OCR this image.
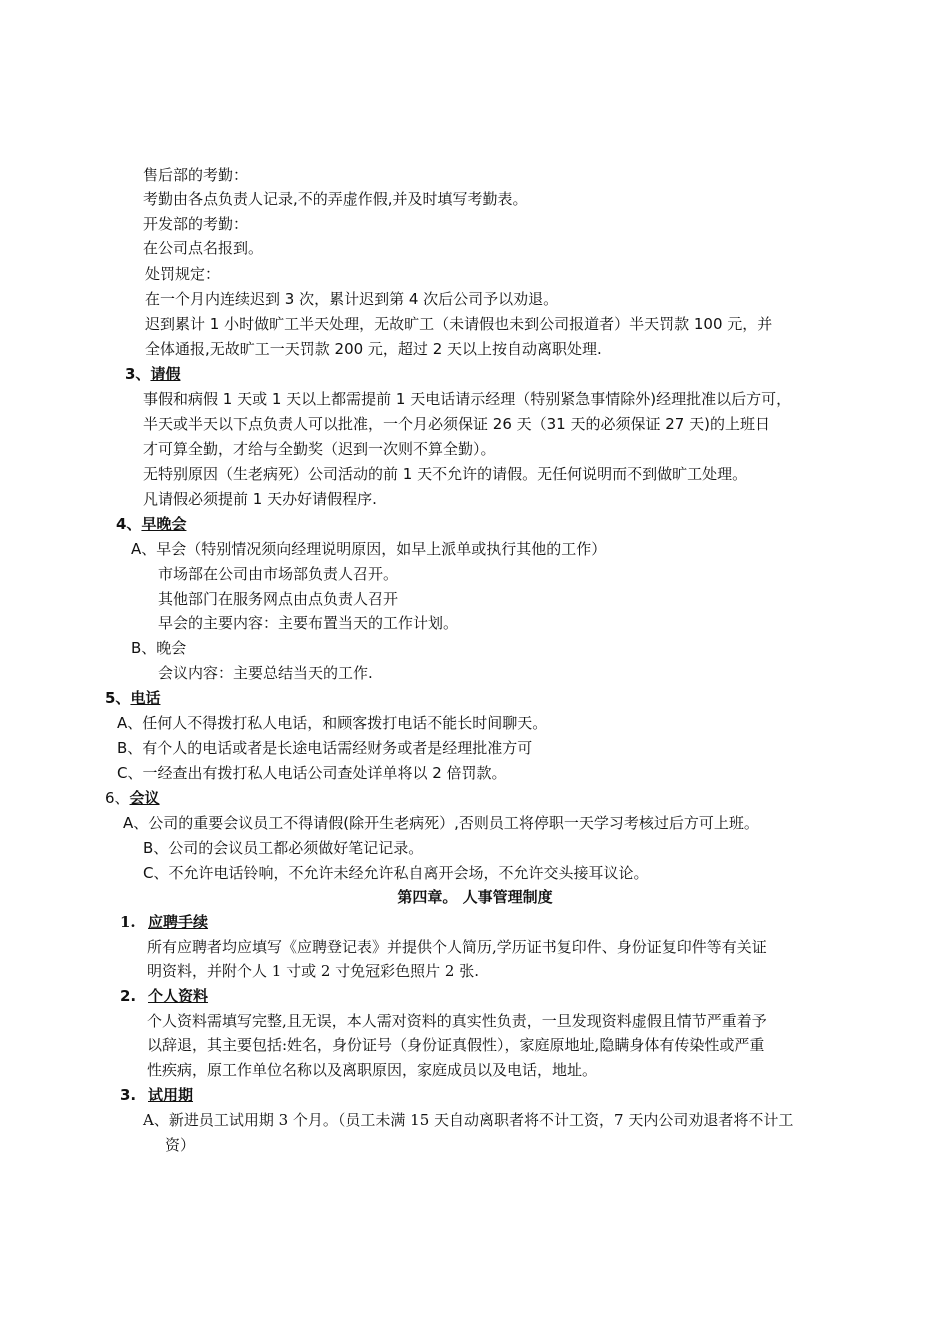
售后部的考勤：
考勤由各点负责人记录,不的弄虚作假,并及时填写考勤表。
开发部的考勤：
在公司点名报到。
处罚规定：
在一个月内连续迟到 3 次，累计迟到第 4 次后公司予以劝退。
迟到累计 1 小时做旷工半天处理，无故旷工（未请假也未到公司报道者）半天罚款 100 元，并
全体通报,无故旷工一天罚款 200 元，超过 2 天以上按自动离职处理.
3、请假
事假和病假 1 天或 1 天以上都需提前 1 天电话请示经理（特别紧急事情除外)经理批准以后方可，
半天或半天以下点负责人可以批准，一个月必须保证 26 天（31 天的必须保证 27 天)的上班日
才可算全勤，才给与全勤奖（迟到一次则不算全勤）。
无特别原因（生老病死）公司活动的前 1 天不允许的请假。无任何说明而不到做旷工处理。
凡请假必须提前 1 天办好请假程序.
4、早晚会
A、早会（特别情况须向经理说明原因，如早上派单或执行其他的工作）
市场部在公司由市场部负责人召开。
其他部门在服务网点由点负责人召开
早会的主要内容：主要布置当天的工作计划。
B、晚会
会议内容：主要总结当天的工作.
5、电话
A、任何人不得拨打私人电话，和顾客拨打电话不能长时间聊天。
B、有个人的电话或者是长途电话需经财务或者是经理批准方可
C、一经查出有拨打私人电话公司查处详单将以 2 倍罚款。
6、会议
A、公司的重要会议员工不得请假(除开生老病死）,否则员工将停职一天学习考核过后方可上班。
B、公司的会议员工都必须做好笔记记录。
C、不允许电话铃响，不允许未经允许私自离开会场，不允许交头接耳议论。
第四章。 人事管理制度
1. 应聘手续
所有应聘者均应填写《应聘登记表》并提供个人简历,学历证书复印件、身份证复印件等有关证
明资料，并附个人 1 寸或 2 寸免冠彩色照片 2 张.
2. 个人资料
个人资料需填写完整,且无误，本人需对资料的真实性负责，一旦发现资料虚假且情节严重着予
以辞退，其主要包括:姓名，身份证号（身份证真假性），家庭原地址,隐瞒身体有传染性或严重
性疾病，原工作单位名称以及离职原因，家庭成员以及电话，地址。
3. 试用期
A、新进员工试用期 3 个月。（员工未满 15 天自动离职者将不计工资，7 天内公司劝退者将不计工
资）
